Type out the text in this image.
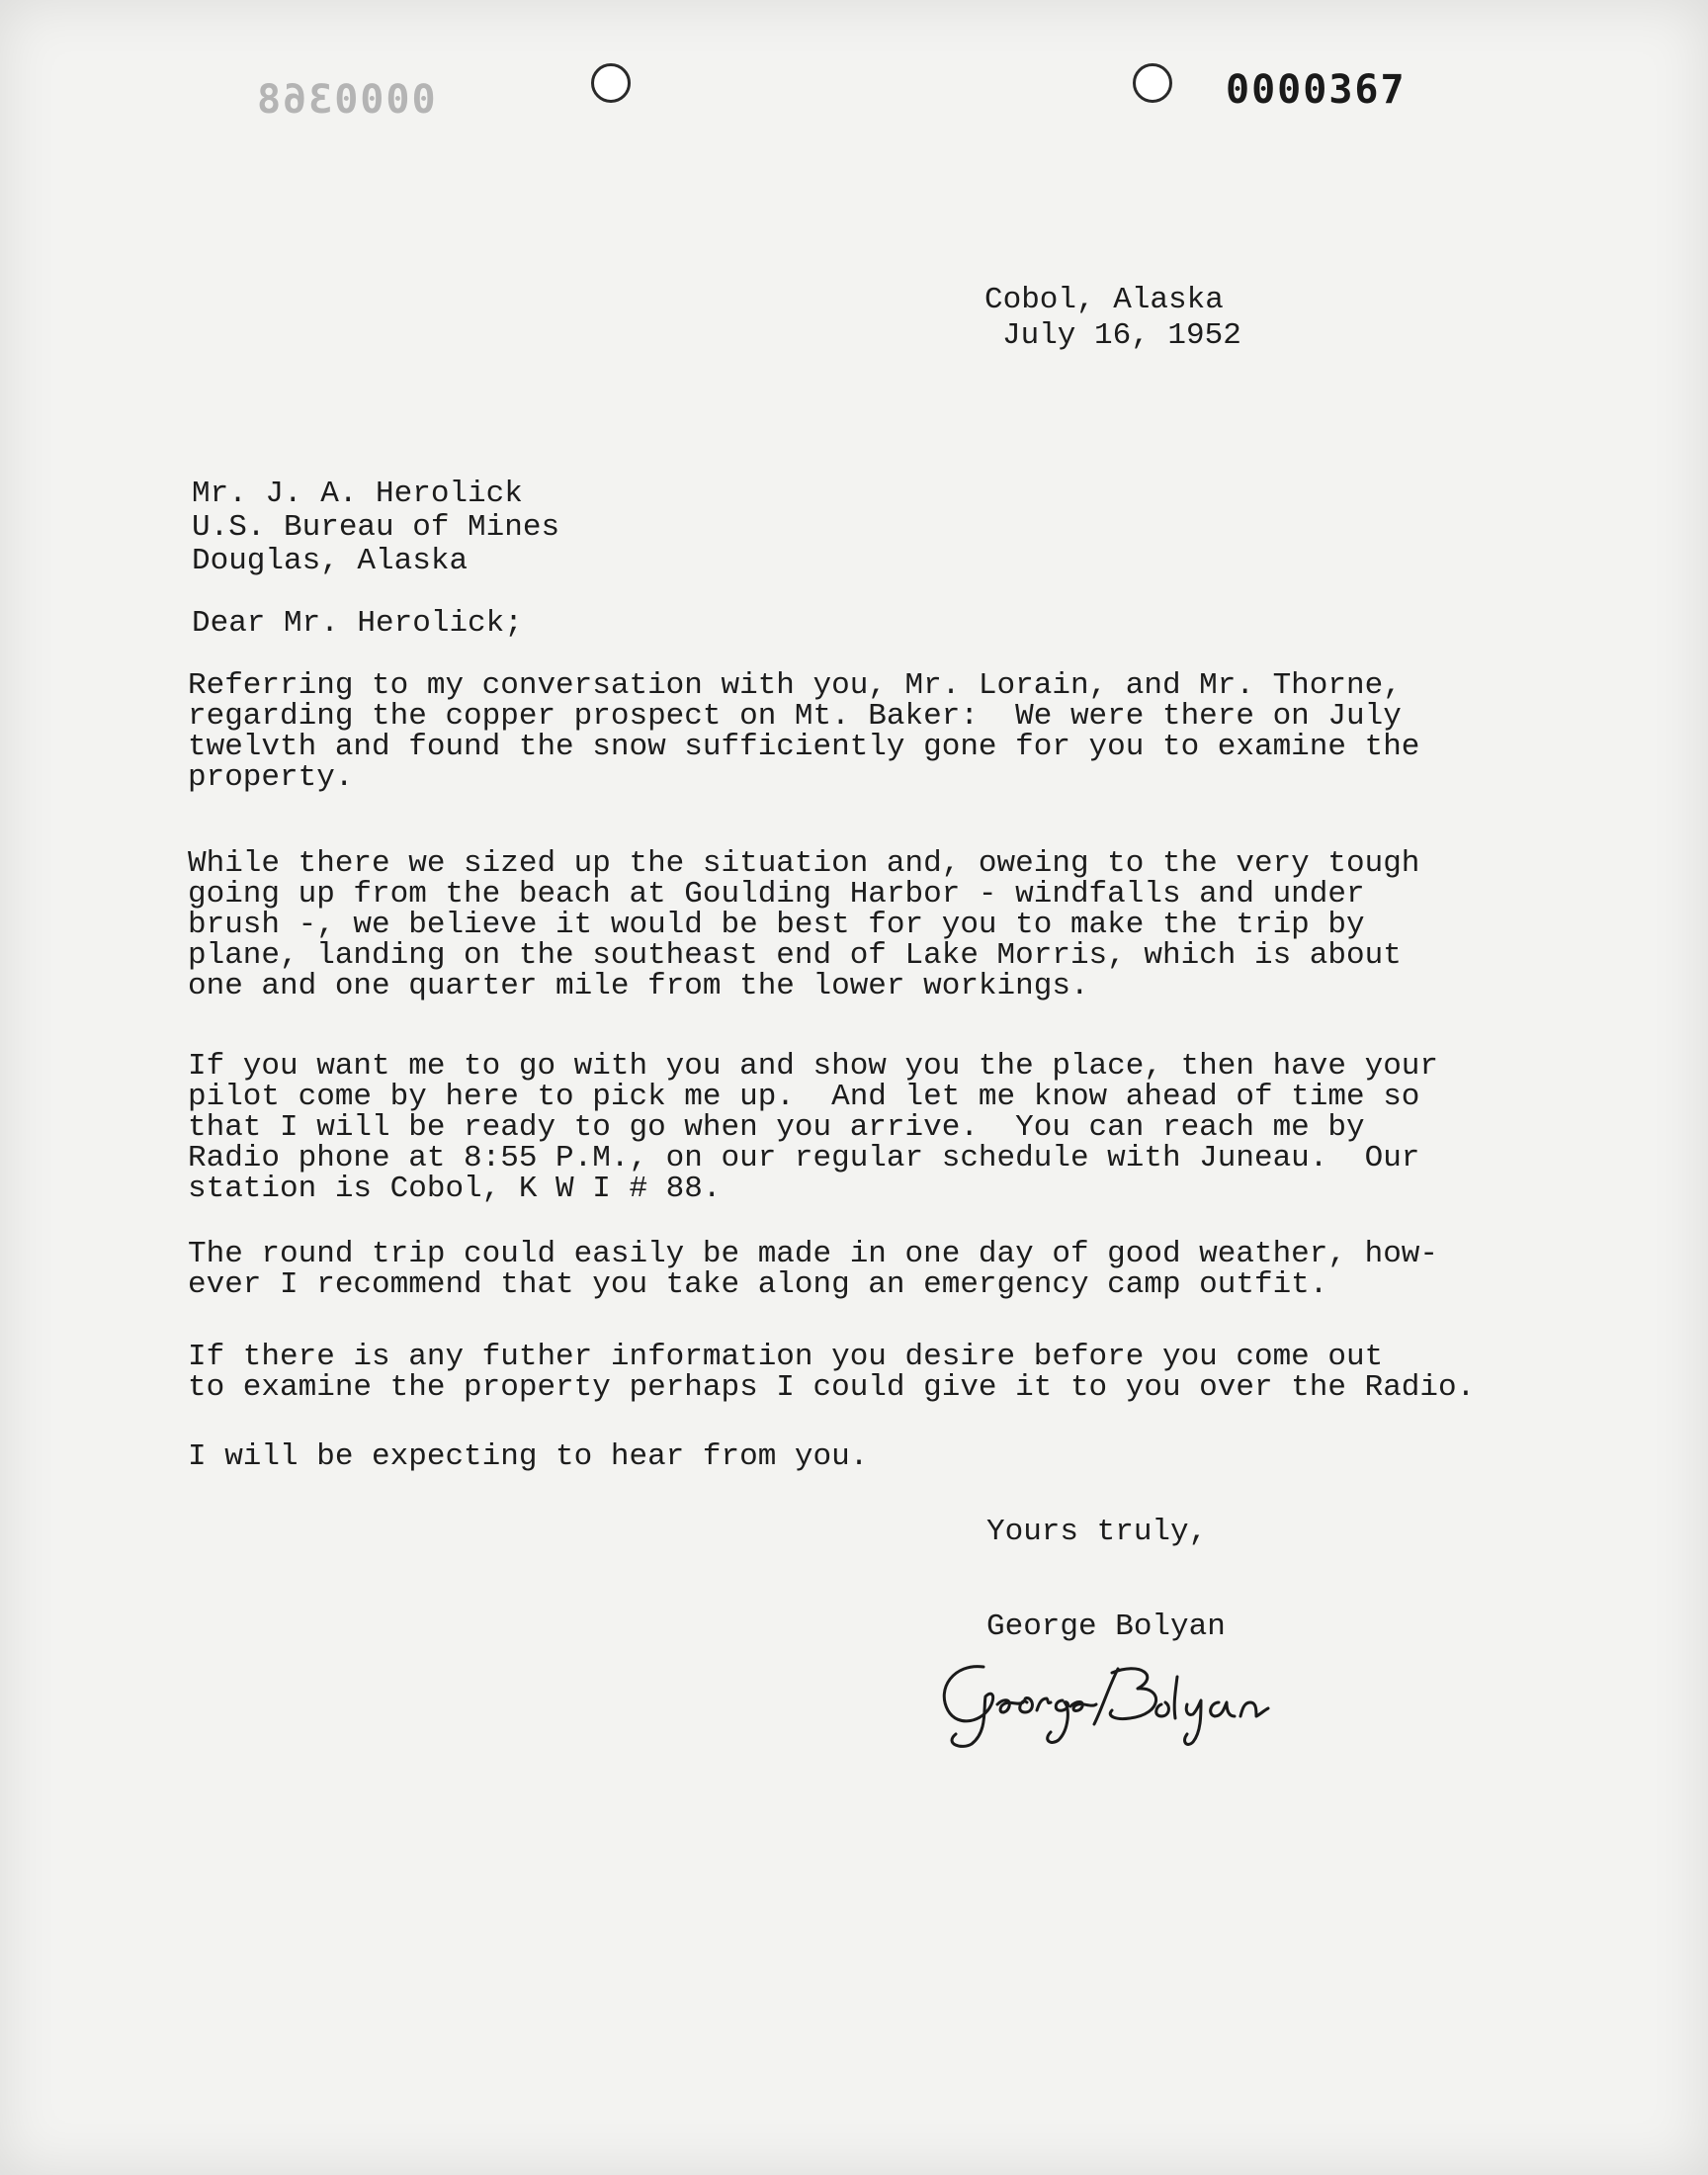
0000368	0000367
Cobol, Alaska
July 16, 1952
Mr. J. A. Herolick
U.S. Bureau of Mines
Douglas, Alaska
Dear Mr. Herolick;

Referring to my conversation with you, Mr. Lorain, and Mr. Thorne,
regarding the copper prospect on Mt. Baker:  We were there on July
twelvth and found the snow sufficiently gone for you to examine the
property.

While there we sized up the situation and, oweing to the very tough
going up from the beach at Goulding Harbor - windfalls and under
brush -, we believe it would be best for you to make the trip by
plane, landing on the southeast end of Lake Morris, which is about
one and one quarter mile from the lower workings.

If you want me to go with you and show you the place, then have your
pilot come by here to pick me up.  And let me know ahead of time so
that I will be ready to go when you arrive.  You can reach me by
Radio phone at 8:55 P.M., on our regular schedule with Juneau.  Our
station is Cobol, K W I # 88.

The round trip could easily be made in one day of good weather, how-
ever I recommend that you take along an emergency camp outfit.

If there is any futher information you desire before you come out
to examine the property perhaps I could give it to you over the Radio.

I will be expecting to hear from you.

Yours truly,
George Bolyan
